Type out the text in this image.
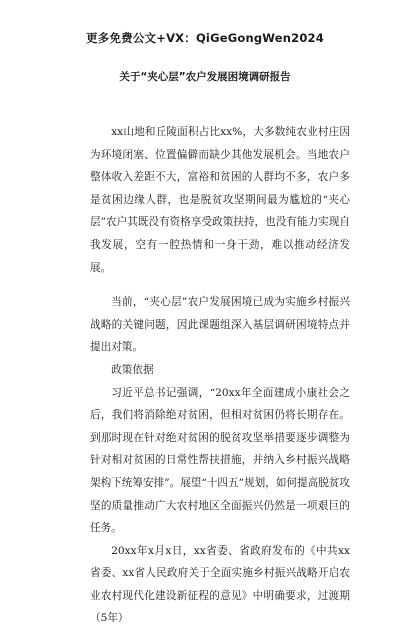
更多免费公文+VX：QiGeGongWen2024
关于“夹心层”农户发展困境调研报告

xx山地和丘陵面积占比xx%，大多数纯农业村庄因为环境闭塞、位置偏僻而缺少其他发展机会。当地农户整体收入差距不大，富裕和贫困的人群均不多，农户多是贫困边缘人群，也是脱贫攻坚期间最为尴尬的“夹心层”农户其既没有资格享受政策扶持，也没有能力实现自我发展，空有一腔热情和一身干劲，难以推动经济发展。

当前，“夹心层”农户发展困境已成为实施乡村振兴战略的关键问题，因此课题组深入基层调研困境特点并提出对策。

政策依据

习近平总书记强调，“20xx年全面建成小康社会之后，我们将消除绝对贫困，但相对贫困仍将长期存在。到那时现在针对绝对贫困的脱贫攻坚举措要逐步调整为针对相对贫困的日常性帮扶措施，并纳入乡村振兴战略架构下统筹安排”。展望“十四五”规划，如何提高脱贫攻坚的质量推动广大农村地区全面振兴仍然是一项艰巨的任务。

20xx年x月x日，xx省委、省政府发布的《中共xx省委、xx省人民政府关于全面实施乡村振兴战略开启农业农村现代化建设新征程的意见》中明确要求，过渡期（5年）
